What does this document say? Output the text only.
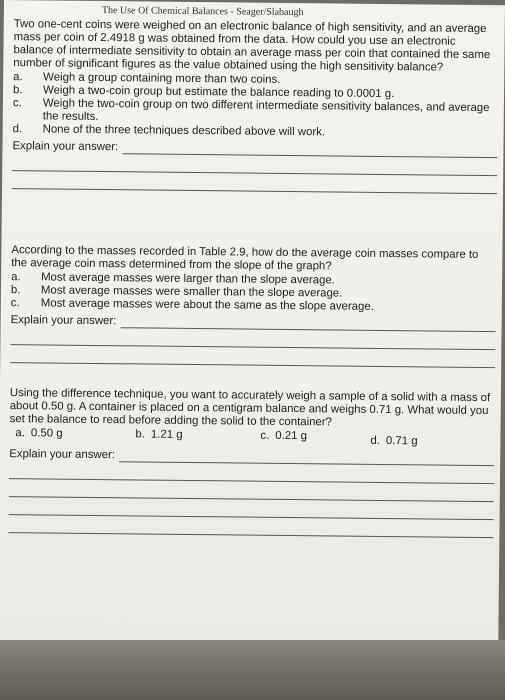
The Use Of Chemical Balances - Seager/Slabaugh

Two one-cent coins were weighed on an electronic balance of high sensitivity, and an average mass per coin of 2.4918 g was obtained from the data. How could you use an electronic balance of intermediate sensitivity to obtain an average mass per coin that contained the same number of significant figures as the value obtained using the high sensitivity balance?

a.	Weigh a group containing more than two coins.
b.	Weigh a two-coin group but estimate the balance reading to 0.0001 g.
c.	Weigh the two-coin group on two different intermediate sensitivity balances, and average the results.
d.	None of the three techniques described above will work.
Explain your answer:

According to the masses recorded in Table 2.9, how do the average coin masses compare to the average coin mass determined from the slope of the graph?

a.	Most average masses were larger than the slope average.
b.	Most average masses were smaller than the slope average.
c.	Most average masses were about the same as the slope average.
Explain your answer:

Using the difference technique, you want to accurately weigh a sample of a solid with a mass of about 0.50 g. A container is placed on a centigram balance and weighs 0.71 g. What would you set the balance to read before adding the solid to the container?

a. 0.50 g	b. 1.21 g	c. 0.21 g	d. 0.71 g
Explain your answer:
